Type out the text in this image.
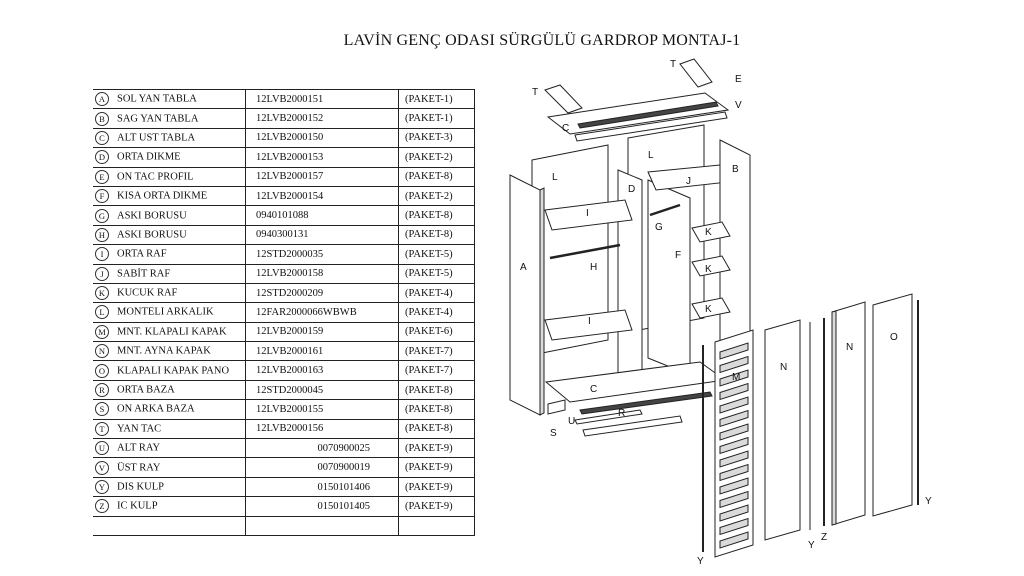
LAVİN GENÇ ODASI SÜRGÜLÜ GARDROP MONTAJ-1
A SOL YAN TABLA	12LVB2000151	(PAKET-1)
B SAG YAN TABLA	12LVB2000152	(PAKET-1)
C ALT UST TABLA	12LVB2000150	(PAKET-3)
D ORTA DIKME	12LVB2000153	(PAKET-2)
E ON TAC PROFIL	12LVB2000157	(PAKET-8)
F KISA ORTA DIKME	12LVB2000154	(PAKET-2)
G ASKI BORUSU	0940101088	(PAKET-8)
H ASKI BORUSU	0940300131	(PAKET-8)
I ORTA RAF	12STD2000035	(PAKET-5)
J SABİT RAF	12LVB2000158	(PAKET-5)
K KUCUK RAF	12STD2000209	(PAKET-4)
L MONTELI ARKALIK	12FAR2000066WBWB	(PAKET-4)
M MNT. KLAPALI KAPAK	12LVB2000159	(PAKET-6)
N MNT. AYNA KAPAK	12LVB2000161	(PAKET-7)
O KLAPALI KAPAK PANO	12LVB2000163	(PAKET-7)
R ORTA BAZA	12STD2000045	(PAKET-8)
S ON ARKA BAZA	12LVB2000155	(PAKET-8)
T YAN TAC	12LVB2000156	(PAKET-8)
U ALT RAY	0070900025	(PAKET-9)
V ÜST RAY	0070900019	(PAKET-9)
Y DIS KULP	0150101406	(PAKET-9)
Z IC KULP	0150101405	(PAKET-9)

T
T
E
V
C
L
L
D
J
B
I
G	K
A	H
F
K
K
I
C
R
U
S
M
N
N
O
Y
Y
Z
Y
